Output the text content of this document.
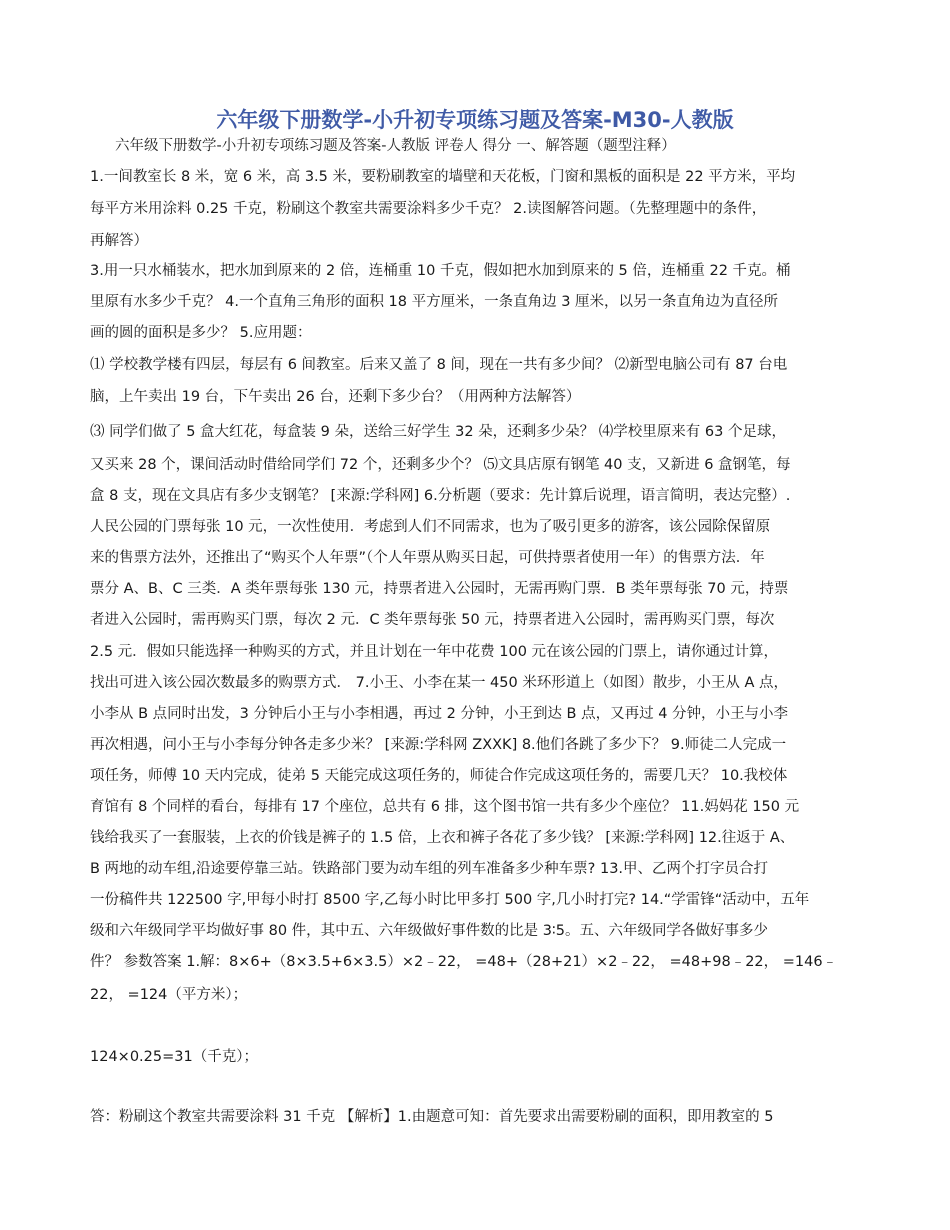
六年级下册数学-小升初专项练习题及答案-M30-人教版
六年级下册数学-小升初专项练习题及答案-人教版 评卷人 得分 一、解答题（题型注释）
1.一间教室长 8 米，宽 6 米，高 3.5 米，要粉刷教室的墙壁和天花板，门窗和黑板的面积是 22 平方米，平均
每平方米用涂料 0.25 千克，粉刷这个教室共需要涂料多少千克？ 2.读图解答问题。（先整理题中的条件，
再解答）
3.用一只水桶装水，把水加到原来的 2 倍，连桶重 10 千克，假如把水加到原来的 5 倍，连桶重 22 千克。桶
里原有水多少千克？ 4.一个直角三角形的面积 18 平方厘米，一条直角边 3 厘米，以另一条直角边为直径所
画的圆的面积是多少？ 5.应用题：
⑴ 学校教学楼有四层，每层有 6 间教室。后来又盖了 8 间，现在一共有多少间？ ⑵新型电脑公司有 87 台电
脑，上午卖出 19 台，下午卖出 26 台，还剩下多少台？（用两种方法解答）
⑶ 同学们做了 5 盒大红花，每盒装 9 朵，送给三好学生 32 朵，还剩多少朵？ ⑷学校里原来有 63 个足球，
又买来 28 个，课间活动时借给同学们 72 个，还剩多少个？ ⑸文具店原有钢笔 40 支，又新进 6 盒钢笔，每
盒 8 支，现在文具店有多少支钢笔？ [来源:学科网] 6.分析题（要求：先计算后说理，语言简明，表达完整）.
人民公园的门票每张 10 元，一次性使用．考虑到人们不同需求，也为了吸引更多的游客，该公园除保留原
来的售票方法外，还推出了“购买个人年票”（个人年票从购买日起，可供持票者使用一年）的售票方法．年
票分 A、B、C 三类．A 类年票每张 130 元，持票者进入公园时，无需再购门票．B 类年票每张 70 元，持票
者进入公园时，需再购买门票，每次 2 元．C 类年票每张 50 元，持票者进入公园时，需再购买门票，每次
2.5 元．假如只能选择一种购买的方式，并且计划在一年中花费 100 元在该公园的门票上，请你通过计算，
找出可进入该公园次数最多的购票方式． 7.小王、小李在某一 450 米环形道上（如图）散步，小王从 A 点，
小李从 B 点同时出发，3 分钟后小王与小李相遇，再过 2 分钟，小王到达 B 点，又再过 4 分钟，小王与小李
再次相遇，问小王与小李每分钟各走多少米？ [来源:学科网 ZXXK] 8.他们各跳了多少下？ 9.师徒二人完成一
项任务，师傅 10 天内完成，徒弟 5 天能完成这项任务的，师徒合作完成这项任务的，需要几天？ 10.我校体
育馆有 8 个同样的看台，每排有 17 个座位，总共有 6 排，这个图书馆一共有多少个座位？ 11.妈妈花 150 元
钱给我买了一套服装，上衣的价钱是裤子的 1.5 倍，上衣和裤子各花了多少钱？ [来源:学科网] 12.往返于 A、
B 两地的动车组,沿途要停靠三站。铁路部门要为动车组的列车准备多少种车票? 13.甲、乙两个打字员合打
一份稿件共 122500 字,甲每小时打 8500 字,乙每小时比甲多打 500 字,几小时打完? 14.“学雷锋“活动中，五年
级和六年级同学平均做好事 80 件，其中五、六年级做好事件数的比是 3∶5。五、六年级同学各做好事多少
件？ 参数答案 1.解：8×6+（8×3.5+6×3.5）×2﹣22， =48+（28+21）×2﹣22， =48+98﹣22， =146﹣
22， =124（平方米）；
124×0.25=31（千克）；
答：粉刷这个教室共需要涂料 31 千克 【解析】1.由题意可知：首先要求出需要粉刷的面积，即用教室的 5
